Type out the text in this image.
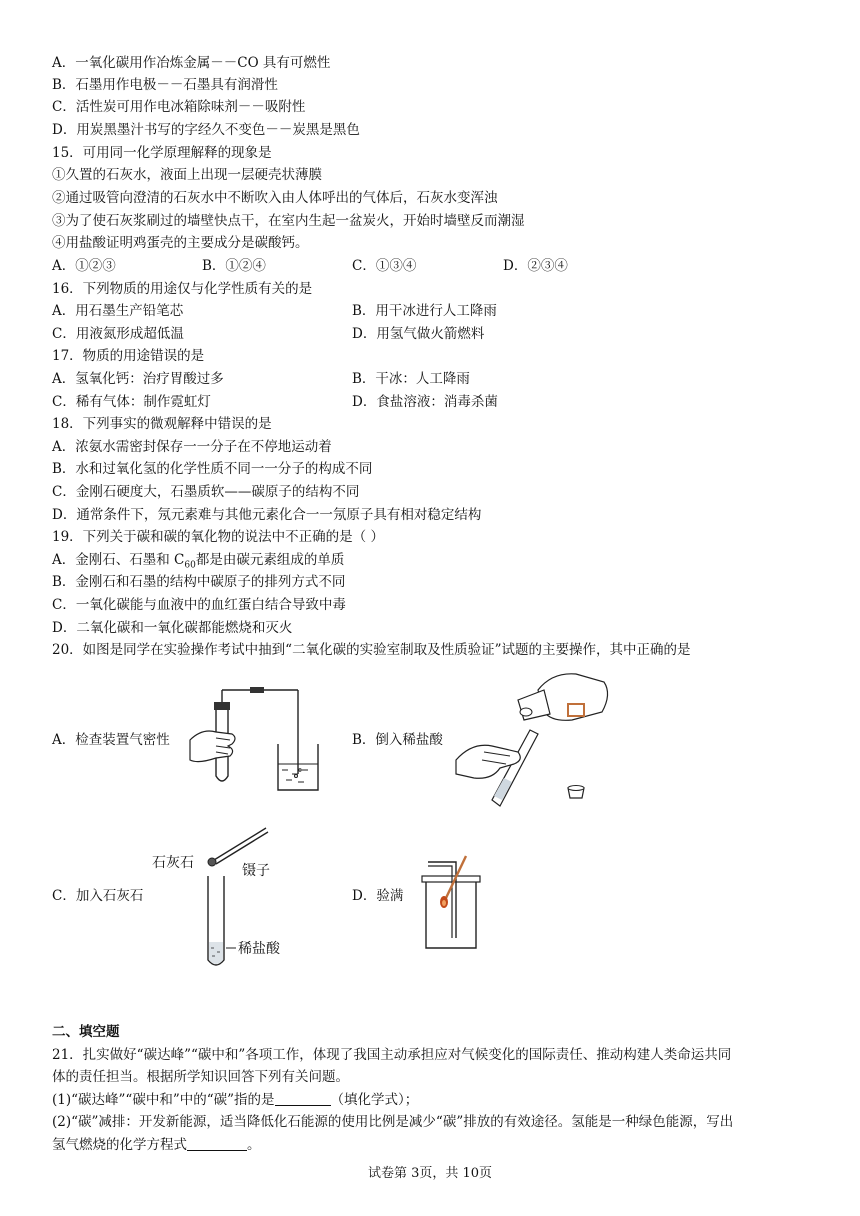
A．一氧化碳用作冶炼金属－－CO 具有可燃性
B．石墨用作电极－－石墨具有润滑性
C．活性炭可用作电冰箱除味剂－－吸附性
D．用炭黑墨汁书写的字经久不变色－－炭黑是黑色
15．可用同一化学原理解释的现象是
①久置的石灰水，液面上出现一层硬壳状薄膜
②通过吸管向澄清的石灰水中不断吹入由人体呼出的气体后，石灰水变浑浊
③为了使石灰浆刷过的墙壁快点干，在室内生起一盆炭火，开始时墙壁反而潮湿
④用盐酸证明鸡蛋壳的主要成分是碳酸钙。
A．①②③	B．①②④	C．①③④	D．②③④
16．下列物质的用途仅与化学性质有关的是
A．用石墨生产铅笔芯	B．用干冰进行人工降雨
C．用液氮形成超低温	D．用氢气做火箭燃料
17．物质的用途错误的是
A．氢氧化钙：治疗胃酸过多	B．干冰：人工降雨
C．稀有气体：制作霓虹灯	D．食盐溶液：消毒杀菌
18．下列事实的微观解释中错误的是
A．浓氨水需密封保存一一分子在不停地运动着
B．水和过氧化氢的化学性质不同一一分子的构成不同
C．金刚石硬度大，石墨质软——碳原子的结构不同
D．通常条件下，氖元素难与其他元素化合一一氖原子具有相对稳定结构
19．下列关于碳和碳的氧化物的说法中不正确的是（ ）
A．金刚石、石墨和 $C_{60}$都是由碳元素组成的单质
B．金刚石和石墨的结构中碳原子的排列方式不同
C．一氧化碳能与血液中的血红蛋白结合导致中毒
D．二氧化碳和一氧化碳都能燃烧和灭火
20．如图是同学在实验操作考试中抽到“二氧化碳的实验室制取及性质验证”试题的主要操作，其中正确的是
A．检查装置气密性	B．倒入稀盐酸
C．加入石灰石
石灰石	镊子
稀盐酸
D．验满
二、填空题
21．扎实做好“碳达峰”“碳中和”各项工作，体现了我国主动承担应对气候变化的国际责任、推动构建人类命运共同
体的责任担当。根据所学知识回答下列有关问题。
(1)“碳达峰”“碳中和”中的“碳”指的是	（填化学式）；
(2)“碳”减排：开发新能源，适当降低化石能源的使用比例是减少“碳”排放的有效途径。氢能是一种绿色能源，写出
氢气燃烧的化学方程式	。
试卷第 3页，共 10页
